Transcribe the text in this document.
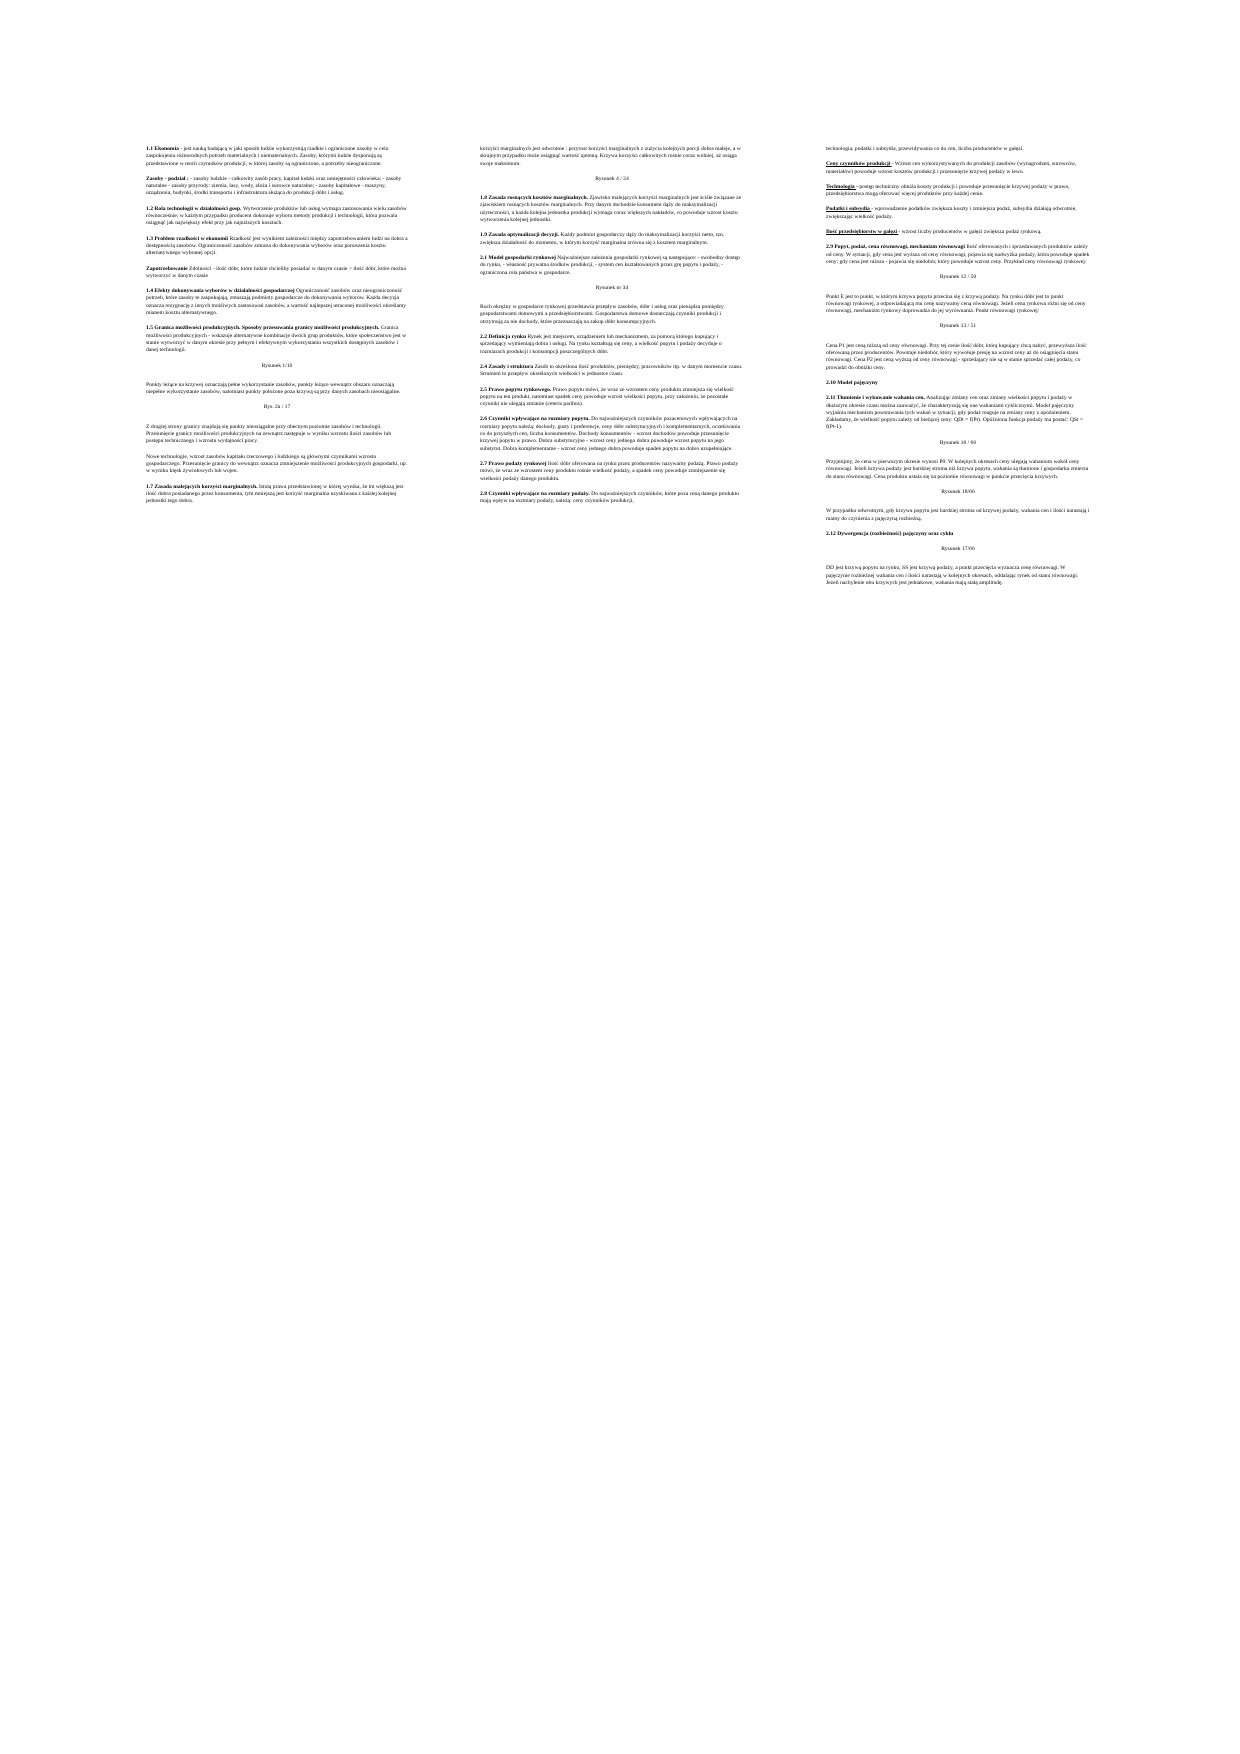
1.1 Ekonomia - jest nauką badającą w jaki sposób ludzie wykorzystują rzadkie i ograniczone zasoby w celu zaspokojenia różnorodnych potrzeb materialnych i niematerialnych. Zasoby, którymi ludzie dysponują są przedstawione w teorii czynników produkcji, w której zasoby są ograniczone, a potrzeby nieograniczone.
Zasoby - podział : - zasoby ludzkie - całkowity zasób pracy, kapitał ludzki oraz umiejętności człowieka; - zasoby naturalne - zasoby przyrody: ziemia, lasy, wody, złoża i surowce naturalne; - zasoby kapitałowe - maszyny, urządzenia, budynki, środki transportu i infrastruktura służąca do produkcji dóbr i usług.
1.2 Rola technologii w działalności gosp. Wytworzenie produktów lub usług wymaga zastosowania wielu zasobów równocześnie; w każdym przypadku producent dokonuje wyboru metody produkcji i technologii, która pozwala osiągnąć jak największy efekt przy jak najniższych kosztach.
1.3 Problem rzadkości w ekonomii Rzadkość jest wynikiem zależności między zapotrzebowaniem ludzi na dobra a dostępnością zasobów. Ograniczoność zasobów zmusza do dokonywania wyborów oraz ponoszenia kosztu alternatywnego wybranej opcji.
Zapotrzebowanie Zdolności - ilość dóbr, które ludzie chcieliby posiadać w danym czasie > ilość dóbr, które można wytworzyć w danym czasie
1.4 Efekty dokonywania wyborów w działalności gospodarczej Ograniczoność zasobów oraz nieograniczoność potrzeb, które zasoby te zaspokajają, zmuszają podmioty gospodarcze do dokonywania wyborów. Każda decyzja oznacza rezygnację z innych możliwych zastosowań zasobów, a wartość najlepszej utraconej możliwości określamy mianem kosztu alternatywnego.
1.5 Granica możliwości produkcyjnych. Sposoby przesuwania granicy możliwości produkcyjnych. Granica możliwości produkcyjnych - wskazuje alternatywne kombinacje dwóch grup produktów, które społeczeństwo jest w stanie wytworzyć w danym okresie przy pełnym i efektywnym wykorzystaniu wszystkich dostępnych zasobów i danej technologii.
Rysunek 1/16
Punkty leżące na krzywej oznaczają pełne wykorzystanie zasobów, punkty leżące wewnątrz obszaru oznaczają niepełne wykorzystanie zasobów, natomiast punkty położone poza krzywą są przy danych zasobach nieosiągalne.
Rys. 2a / 17
Z drugiej strony granicy znajdują się punkty nieosiągalne przy obecnym poziomie zasobów i technologii. Przesunięcie granicy możliwości produkcyjnych na zewnątrz następuje w wyniku wzrostu ilości zasobów lub postępu technicznego i wzrostu wydajności pracy.
Nowe technologie, wzrost zasobów kapitału rzeczowego i ludzkiego są głównymi czynnikami wzrostu gospodarczego. Przesunięcie granicy do wewnątrz oznacza zmniejszenie możliwości produkcyjnych gospodarki, np. w wyniku klęsk żywiołowych lub wojen.
1.7 Zasada malejących korzyści marginalnych. Istotą prawa przedstawionej w której wynika, że im większą jest ilość dobra posiadanego przez konsumenta, tym mniejszą jest korzyść marginalna uzyskiwana z każdej kolejnej jednostki tego dobra.
korzyści marginalnych jest odwrotnie : przyrost korzyści marginalnych z zużycia kolejnych porcji dobra maleje, a w skrajnym przypadku może osiągnąć wartość ujemną. Krzywa korzyści całkowitych rośnie coraz wolniej, aż osiąga swoje maksimum.
Rysunek 4 / 24
1.8 Zasada rosnących kosztów marginalnych. Zjawisko malejących korzyści marginalnych jest ściśle związane ze zjawiskiem rosnących kosztów marginalnych. Przy danym dochodzie konsument dąży do maksymalizacji użyteczności, a każda kolejna jednostka produkcji wymaga coraz większych nakładów, co powoduje wzrost kosztu wytworzenia kolejnej jednostki.
1.9 Zasada optymalizacji decyzji. Każdy podmiot gospodarczy dąży do maksymalizacji korzyści netto, tzn. zwiększa działalność do momentu, w którym korzyść marginalna zrówna się z kosztem marginalnym.
2.1 Model gospodarki rynkowej Najważniejsze założenia gospodarki rynkowej są następujące: - swobodny dostęp do rynku, - własność prywatna środków produkcji, - system cen kształtowanych przez grę popytu i podaży, - ograniczona rola państwa w gospodarce.
Rysunek nr 34
Ruch okrężny w gospodarce rynkowej przedstawia przepływ zasobów, dóbr i usług oraz pieniądza pomiędzy gospodarstwami domowymi a przedsiębiorstwami. Gospodarstwa domowe dostarczają czynniki produkcji i otrzymują za nie dochody, które przeznaczają na zakup dóbr konsumpcyjnych.
2.2 Definicja rynku Rynek jest miejscem, urządzeniem lub mechanizmem, za pomocą którego kupujący i sprzedający wymieniają dobra i usługi. Na rynku kształtują się ceny, a wielkość popytu i podaży decyduje o rozmiarach produkcji i konsumpcji poszczególnych dóbr.
2.4 Zasady i struktura Zasób to określona ilość produktów, pieniędzy, pracowników itp. w danym momencie czasu. Strumień to przepływ określonych wielkości w jednostce czasu.
2.5 Prawo popytu rynkowego. Prawo popytu mówi, że wraz ze wzrostem ceny produktu zmniejsza się wielkość popytu na ten produkt, natomiast spadek ceny powoduje wzrost wielkości popytu, przy założeniu, że pozostałe czynniki nie ulegają zmianie (ceteris paribus).
2.6 Czynniki wpływające na rozmiary popytu. Do najważniejszych czynników pozacenowych wpływających na rozmiary popytu należą: dochody, gusty i preferencje, ceny dóbr substytucyjnych i komplementarnych, oczekiwania co do przyszłych cen, liczba konsumentów. Dochody konsumentów - wzrost dochodów powoduje przesunięcie krzywej popytu w prawo. Dobra substytucyjne - wzrost ceny jednego dobra powoduje wzrost popytu na jego substytut. Dobra komplementarne - wzrost ceny jednego dobra powoduje spadek popytu na dobro uzupełniające.
2.7 Prawo podaży rynkowej Ilość dóbr oferowana na rynku przez producentów nazywamy podażą. Prawo podaży mówi, że wraz ze wzrostem ceny produktu rośnie wielkość podaży, a spadek ceny powoduje zmniejszenie się wielkości podaży danego produktu.
2.8 Czynniki wpływające na rozmiary podaży. Do najważniejszych czynników, które poza ceną danego produktu mają wpływ na rozmiary podaży, należą: ceny czynników produkcji,
technologia, podatki i subsydia, przewidywania co do cen, liczba producentów w gałęzi.
Ceny czynników produkcji - Wzrost cen wykorzystywanych do produkcji zasobów (wynagrodzeń, surowców, materiałów) powoduje wzrost kosztów produkcji i przesunięcie krzywej podaży w lewo.
Technologia - postęp techniczny obniża koszty produkcji i powoduje przesunięcie krzywej podaży w prawo, przedsiębiorstwa mogą oferować więcej produktów przy każdej cenie.
Podatki i subsydia - wprowadzenie podatków zwiększa koszty i zmniejsza podaż, subsydia działają odwrotnie, zwiększając wielkość podaży.
Ilość przedsiębiorstw w gałęzi - wzrost liczby producentów w gałęzi zwiększa podaż rynkową.
2.9 Popyt, podaż, cena równowagi, mechanizm równowagi Ilość oferowanych i sprzedawanych produktów zależy od ceny. W sytuacji, gdy cena jest wyższa od ceny równowagi, pojawia się nadwyżka podaży, która powoduje spadek ceny; gdy cena jest niższa - pojawia się niedobór, który powoduje wzrost ceny. Przykład ceny równowagi rynkowej:
Rysunek 12 / 50
Punkt E jest to punkt, w którym krzywa popytu przecina się z krzywą podaży. Na rynku dóbr jest to punkt równowagi rynkowej, a odpowiadającą mu cenę nazywamy ceną równowagi. Jeżeli cena rynkowa różni się od ceny równowagi, mechanizm rynkowy doprowadza do jej wyrównania. Punkt równowagi rynkowej:
Rysunek 13 / 51
Cena P1 jest ceną niższą od ceny równowagi. Przy tej cenie ilość dóbr, którą kupujący chcą nabyć, przewyższa ilość oferowaną przez producentów. Powstaje niedobór, który wywołuje presję na wzrost ceny aż do osiągnięcia stanu równowagi. Cena P2 jest ceną wyższą od ceny równowagi - sprzedający nie są w stanie sprzedać całej podaży, co prowadzi do obniżki ceny.
2.10 Model pajęczyny
2.11 Tłumienie i wykuwanie wahania cen. Analizując zmiany cen oraz zmiany wielkości popytu i podaży w dłuższym okresie czasu można zauważyć, że charakteryzują się one wahaniami cyklicznymi. Model pajęczyny wyjaśnia mechanizm powstawania tych wahań w sytuacji, gdy podaż reaguje na zmiany ceny z opóźnieniem. Zakładamy, że wielkość popytu zależy od bieżącej ceny: QDt = f(Pt). Opóźniona funkcja podaży ma postać: QSt = f(Pt-1).
Rysunek 18 / 66
Przyjmijmy, że cena w pierwszym okresie wynosi P0. W kolejnych okresach ceny ulegają wahaniom wokół ceny równowagi. Jeżeli krzywa podaży jest bardziej stroma niż krzywa popytu, wahania są tłumione i gospodarka zmierza do stanu równowagi. Cena produktu ustala się na poziomie równowagi w punkcie przecięcia krzywych.
Rysunek 18/66
W przypadku odwrotnym, gdy krzywa popytu jest bardziej stroma od krzywej podaży, wahania cen i ilości narastają i mamy do czynienia z pajęczyną rozbieżną.
2.12 Dywergencja (rozbieżność) pajęczyny oraz cyklu
Rysunek 17/66
DD jest krzywą popytu na rynku, SS jest krzywą podaży, a punkt przecięcia wyznacza cenę równowagi. W pajęczynie rozbieżnej wahania cen i ilości narastają w kolejnych okresach, oddalając rynek od stanu równowagi. Jeżeli nachylenie obu krzywych jest jednakowe, wahania mają stałą amplitudę.
